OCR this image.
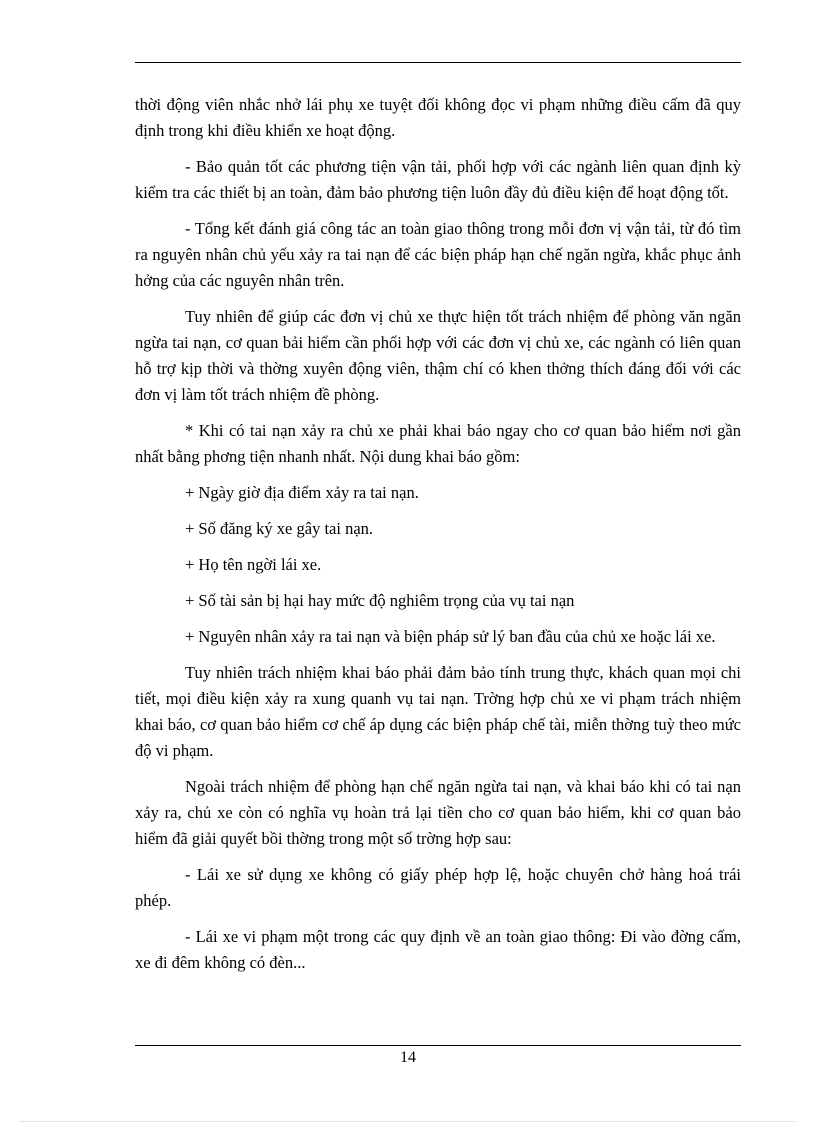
thời động viên nhắc nhở lái phụ xe tuyệt đối không đọc vi phạm những điều cấm đã quy định trong khi điều khiển xe hoạt động.

- Bảo quản tốt các phương tiện vận tải, phối hợp với các ngành liên quan định kỳ kiểm tra các thiết bị an toàn, đảm bảo phương tiện luôn đầy đủ điều kiện để hoạt động tốt.

- Tổng kết đánh giá công tác an toàn giao thông trong mỗi đơn vị vận tải, từ đó tìm ra nguyên nhân chủ yếu xảy ra tai nạn để các biện pháp hạn chế ngăn ngừa, khắc phục ảnh hởng của các nguyên nhân trên.

Tuy nhiên để giúp các đơn vị chủ xe thực hiện tốt trách nhiệm để phòng văn ngăn ngừa tai nạn, cơ quan bải hiểm cần phối hợp với các đơn vị chủ xe, các ngành có liên quan hỗ trợ kịp thời và thờng xuyên động viên, thậm chí có khen thởng thích đáng đối với các đơn vị làm tốt trách nhiệm đề phòng.

* Khi có tai nạn xảy ra chủ xe phải khai báo ngay cho cơ quan bảo hiểm nơi gần nhất bằng phơng tiện nhanh nhất. Nội dung khai báo gồm:

+ Ngày giờ địa điểm xảy ra tai nạn.

+ Số đăng ký xe gây tai nạn.

+ Họ tên ngời lái xe.

+ Số tài sản bị hại hay mức độ nghiêm trọng của vụ tai nạn

+ Nguyên nhân xảy ra tai nạn và biện pháp sử lý ban đầu của chủ xe hoặc lái xe.

Tuy nhiên trách nhiệm khai báo phải đảm bảo tính trung thực, khách quan mọi chi tiết, mọi điều kiện xảy ra xung quanh vụ tai nạn. Trờng hợp chủ xe vi phạm trách nhiệm khai báo, cơ quan bảo hiểm cơ chế áp dụng các biện pháp chế tài, miễn thờng tuỳ theo mức độ vi phạm.

Ngoài trách nhiệm để phòng hạn chế ngăn ngừa tai nạn, và khai báo khi có tai nạn xảy ra, chủ xe còn có nghĩa vụ hoàn trả lại tiền cho cơ quan bảo hiểm, khi cơ quan bảo hiểm đã giải quyết bồi thờng trong một số trờng hợp sau:

- Lái xe sử dụng xe không có giấy phép hợp lệ, hoặc chuyên chở hàng hoá trái phép.

- Lái xe vi phạm một trong các quy định về an toàn giao thông: Đi vào đờng cấm, xe đi đêm không có đèn...

14
